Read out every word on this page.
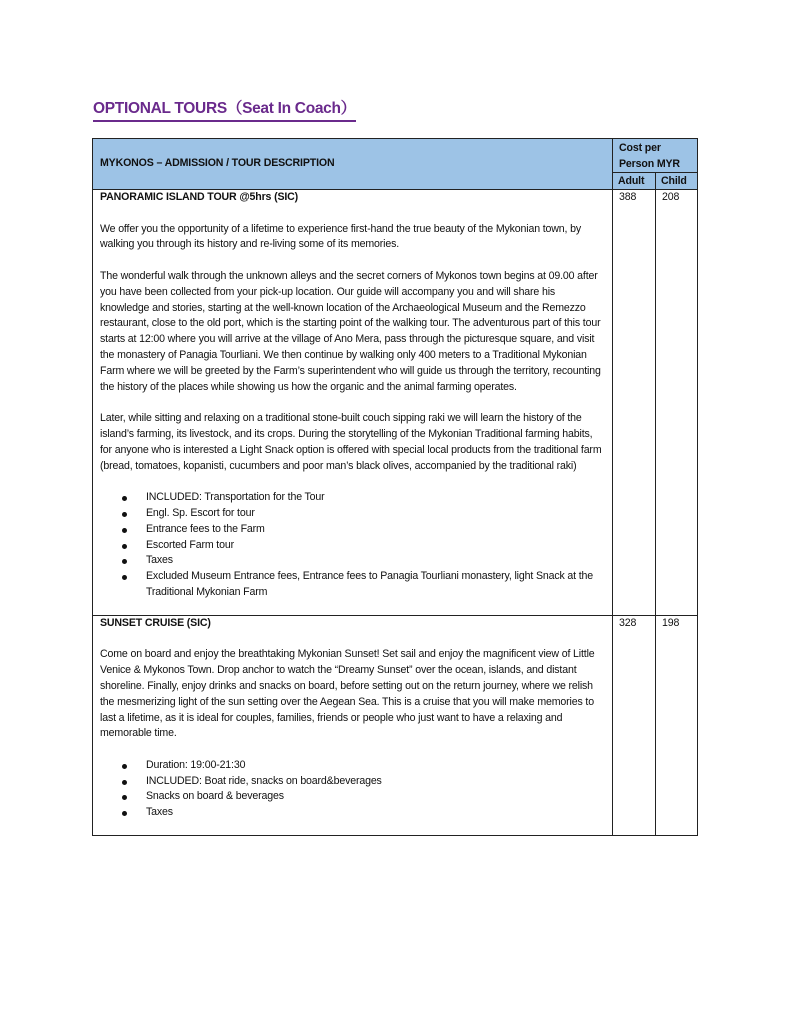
OPTIONAL TOURS（Seat In Coach）
MYKONOS – ADMISSION / TOUR DESCRIPTION	Cost per Person MYR	
	Adult	Child

PANORAMIC ISLAND TOUR @5hrs (SIC)

We offer you the opportunity of a lifetime to experience first-hand the true beauty of the Mykonian town, by walking you through its history and re-living some of its memories.

The wonderful walk through the unknown alleys and the secret corners of Mykonos town begins at 09.00 after you have been collected from your pick-up location. Our guide will accompany you and will share his knowledge and stories, starting at the well-known location of the Archaeological Museum and the Remezzo restaurant, close to the old port, which is the starting point of the walking tour. The adventurous part of this tour starts at 12:00 where you will arrive at the village of Ano Mera, pass through the picturesque square, and visit the monastery of Panagia Tourliani. We then continue by walking only 400 meters to a Traditional Mykonian Farm where we will be greeted by the Farm’s superintendent who will guide us through the territory, recounting the history of the places while showing us how the organic and the animal farming operates.

Later, while sitting and relaxing on a traditional stone-built couch sipping raki we will learn the history of the island’s farming, its livestock, and its crops. During the storytelling of the Mykonian Traditional farming habits, for anyone who is interested a Light Snack option is offered with special local products from the traditional farm (bread, tomatoes, kopanisti, cucumbers and poor man’s black olives, accompanied by the traditional raki)

INCLUDED: Transportation for the Tour
Engl. Sp. Escort for tour
Entrance fees to the Farm
Escorted Farm tour
Taxes
Excluded Museum Entrance fees, Entrance fees to Panagia Tourliani monastery, light Snack at the Traditional Mykonian Farm
	388	208

SUNSET CRUISE (SIC)

Come on board and enjoy the breathtaking Mykonian Sunset! Set sail and enjoy the magnificent view of Little Venice & Mykonos Town. Drop anchor to watch the “Dreamy Sunset” over the ocean, islands, and distant shoreline. Finally, enjoy drinks and snacks on board, before setting out on the return journey, where we relish the mesmerizing light of the sun setting over the Aegean Sea. This is a cruise that you will make memories to last a lifetime, as it is ideal for couples, families, friends or people who just want to have a relaxing and memorable time.

Duration: 19:00-21:30
INCLUDED: Boat ride, snacks on board&beverages
Snacks on board & beverages
Taxes
	328	198
